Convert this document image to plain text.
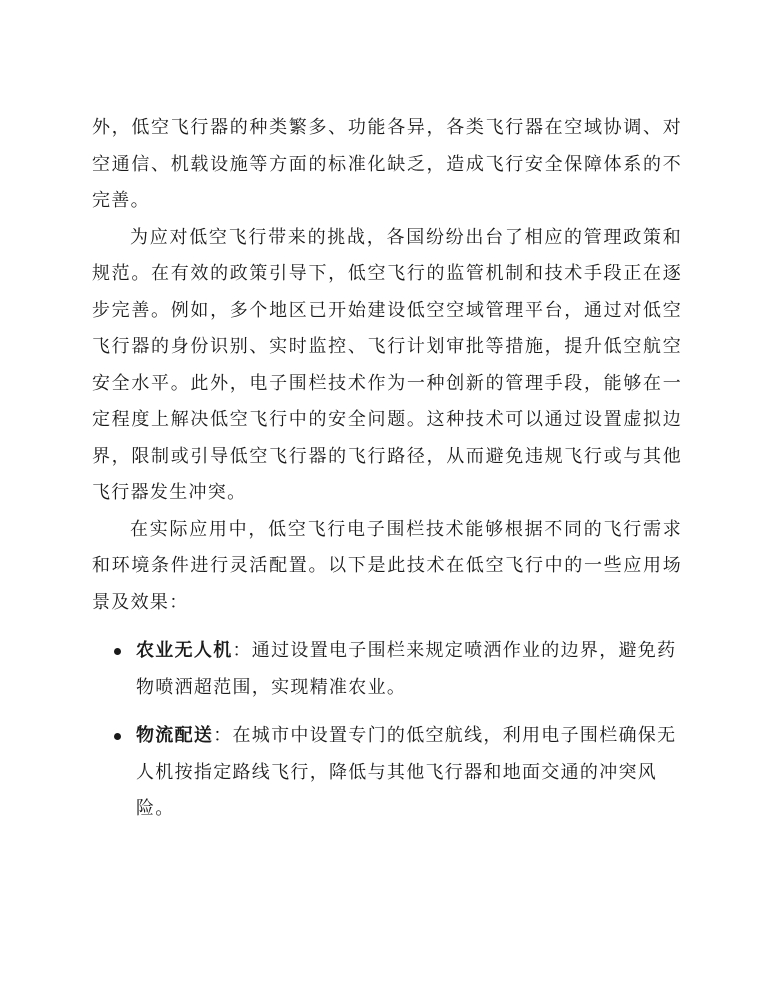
外，低空飞行器的种类繁多、功能各异，各类飞行器在空域协调、对空通信、机载设施等方面的标准化缺乏，造成飞行安全保障体系的不完善。

为应对低空飞行带来的挑战，各国纷纷出台了相应的管理政策和规范。在有效的政策引导下，低空飞行的监管机制和技术手段正在逐步完善。例如，多个地区已开始建设低空空域管理平台，通过对低空飞行器的身份识别、实时监控、飞行计划审批等措施，提升低空航空安全水平。此外，电子围栏技术作为一种创新的管理手段，能够在一定程度上解决低空飞行中的安全问题。这种技术可以通过设置虚拟边界，限制或引导低空飞行器的飞行路径，从而避免违规飞行或与其他飞行器发生冲突。

在实际应用中，低空飞行电子围栏技术能够根据不同的飞行需求和环境条件进行灵活配置。以下是此技术在低空飞行中的一些应用场景及效果：

农业无人机：通过设置电子围栏来规定喷洒作业的边界，避免药物喷洒超范围，实现精准农业。
物流配送：在城市中设置专门的低空航线，利用电子围栏确保无人机按指定路线飞行，降低与其他飞行器和地面交通的冲突风险。
